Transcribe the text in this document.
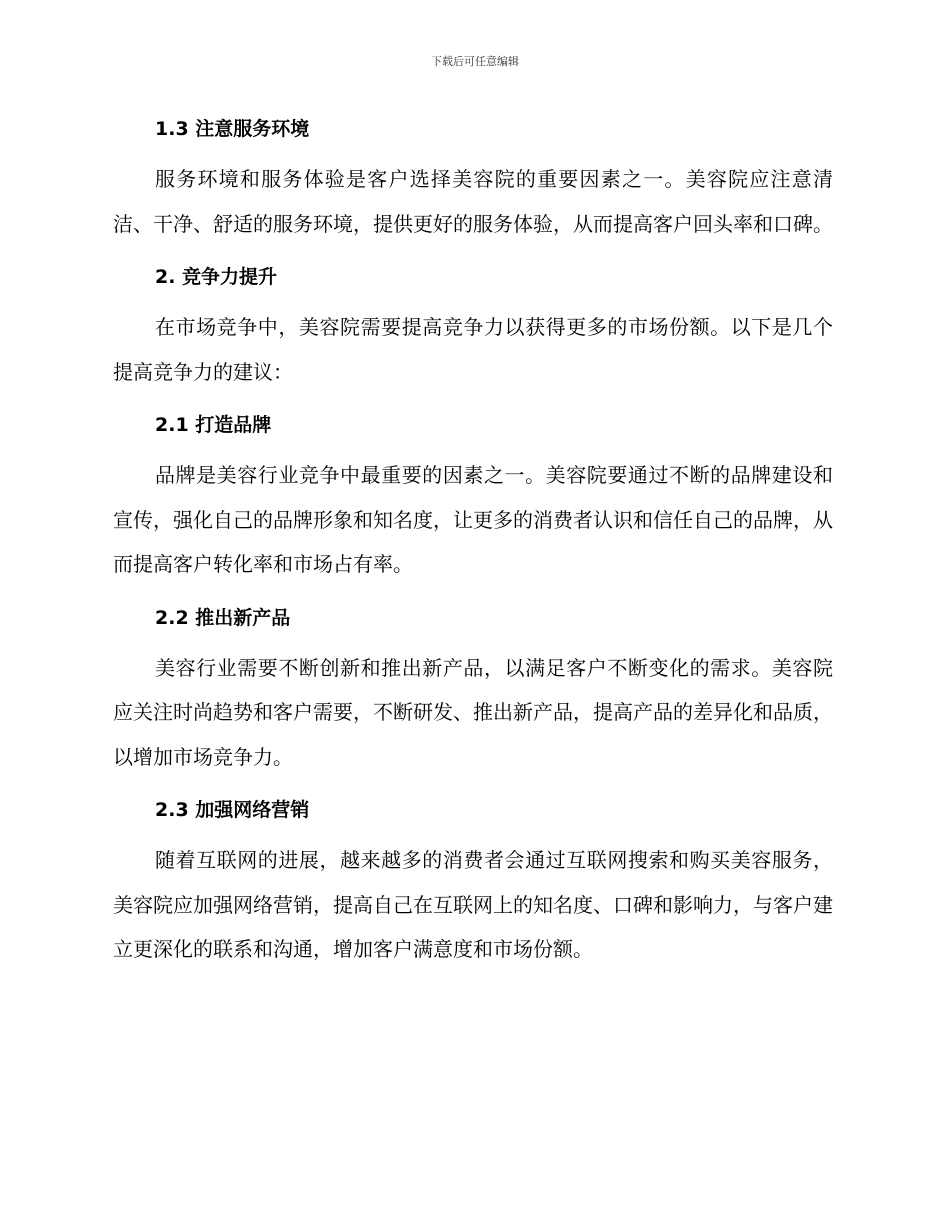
下载后可任意编辑
1.3 注意服务环境

服务环境和服务体验是客户选择美容院的重要因素之一。美容院应注意清洁、干净、舒适的服务环境，提供更好的服务体验，从而提高客户回头率和口碑。

2. 竞争力提升

在市场竞争中，美容院需要提高竞争力以获得更多的市场份额。以下是几个提高竞争力的建议：

2.1 打造品牌

品牌是美容行业竞争中最重要的因素之一。美容院要通过不断的品牌建设和宣传，强化自己的品牌形象和知名度，让更多的消费者认识和信任自己的品牌，从而提高客户转化率和市场占有率。

2.2 推出新产品

美容行业需要不断创新和推出新产品，以满足客户不断变化的需求。美容院应关注时尚趋势和客户需要，不断研发、推出新产品，提高产品的差异化和品质，以增加市场竞争力。

2.3 加强网络营销

随着互联网的进展，越来越多的消费者会通过互联网搜索和购买美容服务，美容院应加强网络营销，提高自己在互联网上的知名度、口碑和影响力，与客户建立更深化的联系和沟通，增加客户满意度和市场份额。
